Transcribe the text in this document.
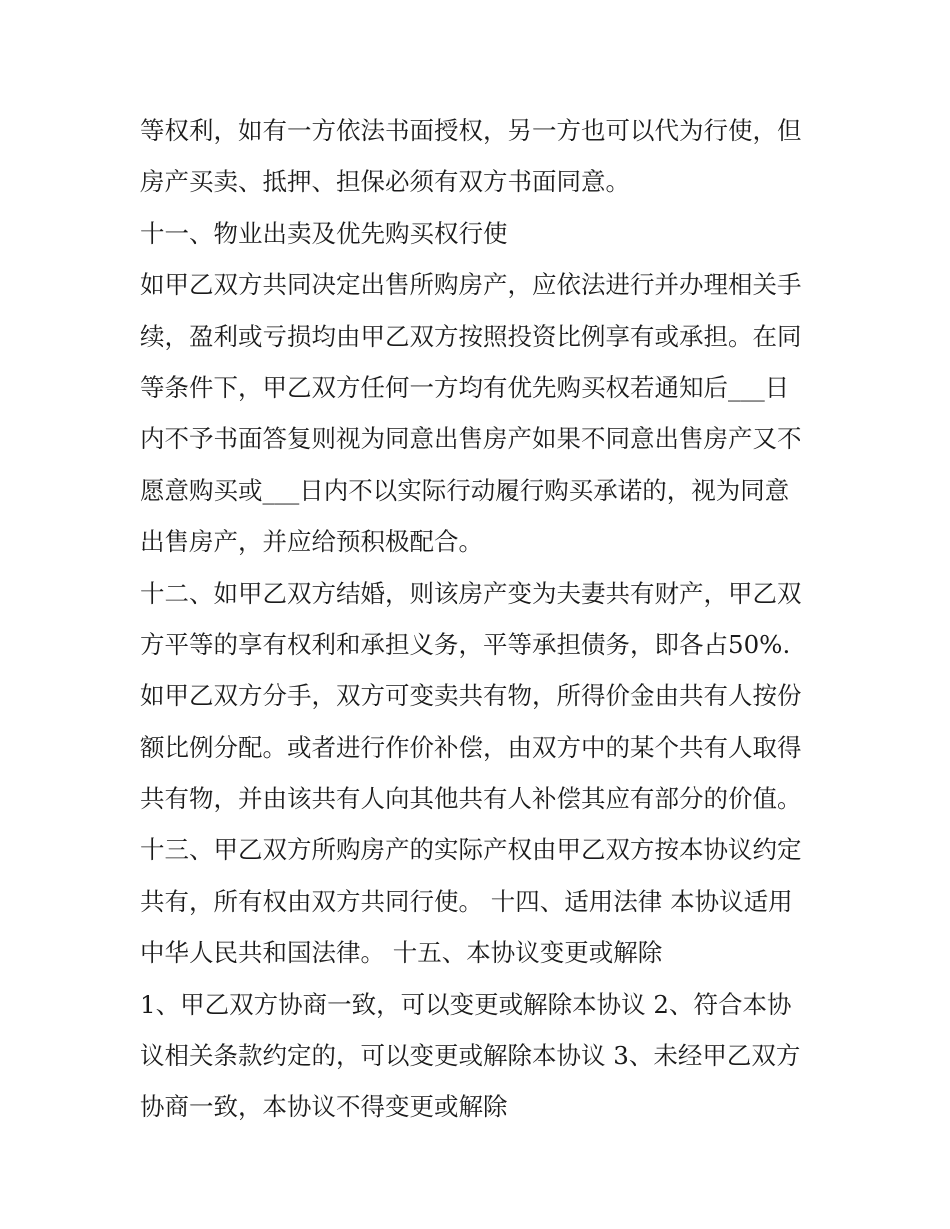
等权利，如有一方依法书面授权，另一方也可以代为行使，但
房产买卖、抵押、担保必须有双方书面同意。
十一、物业出卖及优先购买权行使
如甲乙双方共同决定出售所购房产，应依法进行并办理相关手
续，盈利或亏损均由甲乙双方按照投资比例享有或承担。在同
等条件下，甲乙双方任何一方均有优先购买权若通知后___日
内不予书面答复则视为同意出售房产如果不同意出售房产又不
愿意购买或___日内不以实际行动履行购买承诺的，视为同意
出售房产，并应给预积极配合。
十二、如甲乙双方结婚，则该房产变为夫妻共有财产，甲乙双
方平等的享有权利和承担义务，平等承担债务，即各占50%.
如甲乙双方分手，双方可变卖共有物，所得价金由共有人按份
额比例分配。或者进行作价补偿，由双方中的某个共有人取得
共有物，并由该共有人向其他共有人补偿其应有部分的价值。
十三、甲乙双方所购房产的实际产权由甲乙双方按本协议约定
共有，所有权由双方共同行使。 十四、适用法律 本协议适用
中华人民共和国法律。 十五、本协议变更或解除
1、甲乙双方协商一致，可以变更或解除本协议 2、符合本协
议相关条款约定的，可以变更或解除本协议 3、未经甲乙双方
协商一致，本协议不得变更或解除
